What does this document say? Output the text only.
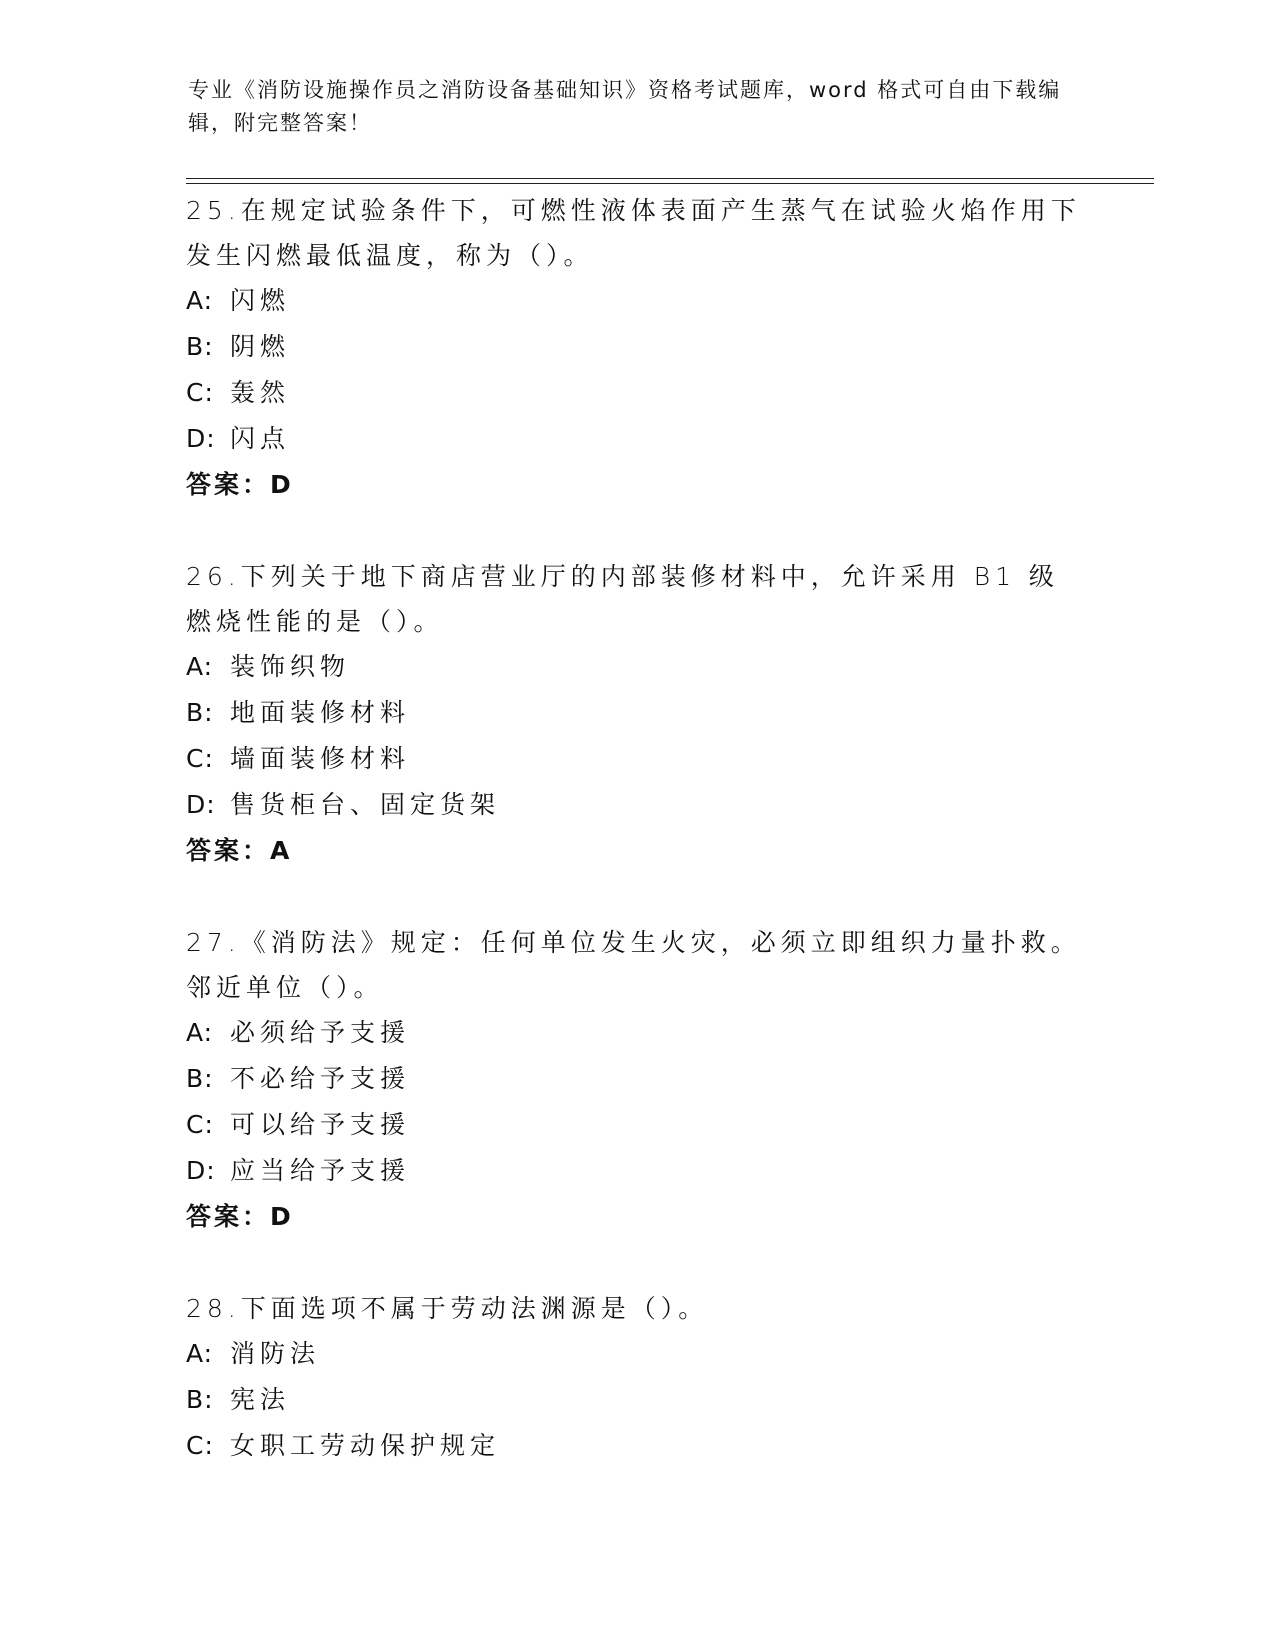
专业《消防设施操作员之消防设备基础知识》资格考试题库，word 格式可自由下载编辑，附完整答案！

25.在规定试验条件下，可燃性液体表面产生蒸气在试验火焰作用下发生闪燃最低温度，称为（）。

A: 闪燃

B: 阴燃

C: 轰然

D: 闪点

答案：D

26.下列关于地下商店营业厅的内部装修材料中，允许采用 B1 级燃烧性能的是（）。

A: 装饰织物

B: 地面装修材料

C: 墙面装修材料

D: 售货柜台、固定货架

答案：A

27.《消防法》规定：任何单位发生火灾，必须立即组织力量扑救。邻近单位（）。

A: 必须给予支援

B: 不必给予支援

C: 可以给予支援

D: 应当给予支援

答案：D

28.下面选项不属于劳动法渊源是（）。

A: 消防法

B: 宪法

C: 女职工劳动保护规定
